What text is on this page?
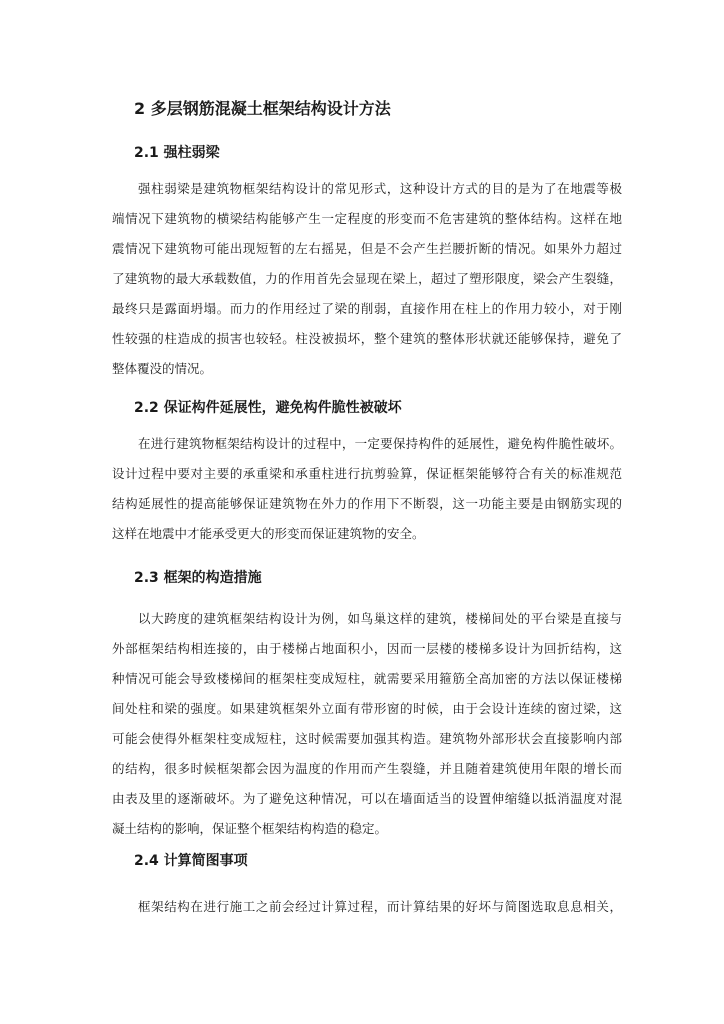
2 多层钢筋混凝土框架结构设计方法
2.1 强柱弱梁
强柱弱梁是建筑物框架结构设计的常见形式，这种设计方式的目的是为了在地震等极
端情况下建筑物的横梁结构能够产生一定程度的形变而不危害建筑的整体结构。这样在地
震情况下建筑物可能出现短暂的左右摇晃，但是不会产生拦腰折断的情况。如果外力超过
了建筑物的最大承载数值，力的作用首先会显现在梁上，超过了塑形限度，梁会产生裂缝，
最终只是露面坍塌。而力的作用经过了梁的削弱，直接作用在柱上的作用力较小，对于刚
性较强的柱造成的损害也较轻。柱没被损坏，整个建筑的整体形状就还能够保持，避免了
整体覆没的情况。
2.2 保证构件延展性，避免构件脆性被破坏
在进行建筑物框架结构设计的过程中，一定要保持构件的延展性，避免构件脆性破坏。
设计过程中要对主要的承重梁和承重柱进行抗剪验算，保证框架能够符合有关的标准规范
结构延展性的提高能够保证建筑物在外力的作用下不断裂，这一功能主要是由钢筋实现的
这样在地震中才能承受更大的形变而保证建筑物的安全。
2.3 框架的构造措施
以大跨度的建筑框架结构设计为例，如鸟巢这样的建筑，楼梯间处的平台梁是直接与
外部框架结构相连接的，由于楼梯占地面积小，因而一层楼的楼梯多设计为回折结构，这
种情况可能会导致楼梯间的框架柱变成短柱，就需要采用箍筋全高加密的方法以保证楼梯
间处柱和梁的强度。如果建筑框架外立面有带形窗的时候，由于会设计连续的窗过梁，这
可能会使得外框架柱变成短柱，这时候需要加强其构造。建筑物外部形状会直接影响内部
的结构，很多时候框架都会因为温度的作用而产生裂缝，并且随着建筑使用年限的增长而
由表及里的逐渐破坏。为了避免这种情况，可以在墙面适当的设置伸缩缝以抵消温度对混
凝土结构的影响，保证整个框架结构构造的稳定。
2.4 计算简图事项
框架结构在进行施工之前会经过计算过程，而计算结果的好坏与简图选取息息相关，
